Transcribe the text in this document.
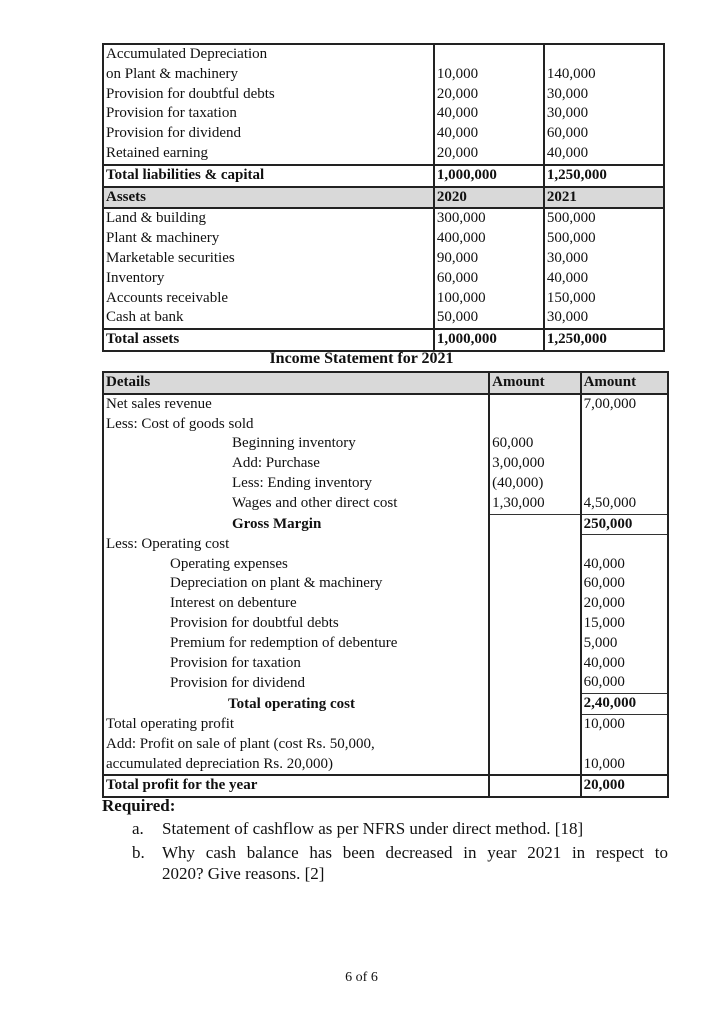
Accumulated Depreciation		
on Plant & machinery	10,000	140,000
Provision for doubtful debts	20,000	30,000
Provision for taxation	40,000	30,000
Provision for dividend	40,000	60,000
Retained earning	20,000	40,000
Total liabilities & capital	1,000,000	1,250,000
Assets	2020	2021
Land & building	300,000	500,000
Plant & machinery	400,000	500,000
Marketable securities	90,000	30,000
Inventory	60,000	40,000
Accounts receivable	100,000	150,000
Cash at bank	50,000	30,000
Total assets	1,000,000	1,250,000
Income Statement for 2021
Details	Amount	Amount
Net sales revenue		7,00,000
Less: Cost of goods sold		
Beginning inventory	60,000	
Add: Purchase	3,00,000	
Less: Ending inventory	(40,000)	
Wages and other direct cost	1,30,000	4,50,000
Gross Margin		250,000
Less: Operating cost		
Operating expenses		40,000
Depreciation on plant & machinery		60,000
Interest on debenture		20,000
Provision for doubtful debts		15,000
Premium for redemption of debenture		5,000
Provision for taxation		40,000
Provision for dividend		60,000
Total operating cost		2,40,000
Total operating profit		10,000
Add: Profit on sale of plant (cost Rs. 50,000,
accumulated depreciation Rs. 20,000)		10,000
Total profit for the year		20,000
Required:
a. Statement of cashflow as per NFRS under direct method. [18]
b. Why cash balance has been decreased in year 2021 in respect to
2020? Give reasons. [2]
6 of 6
